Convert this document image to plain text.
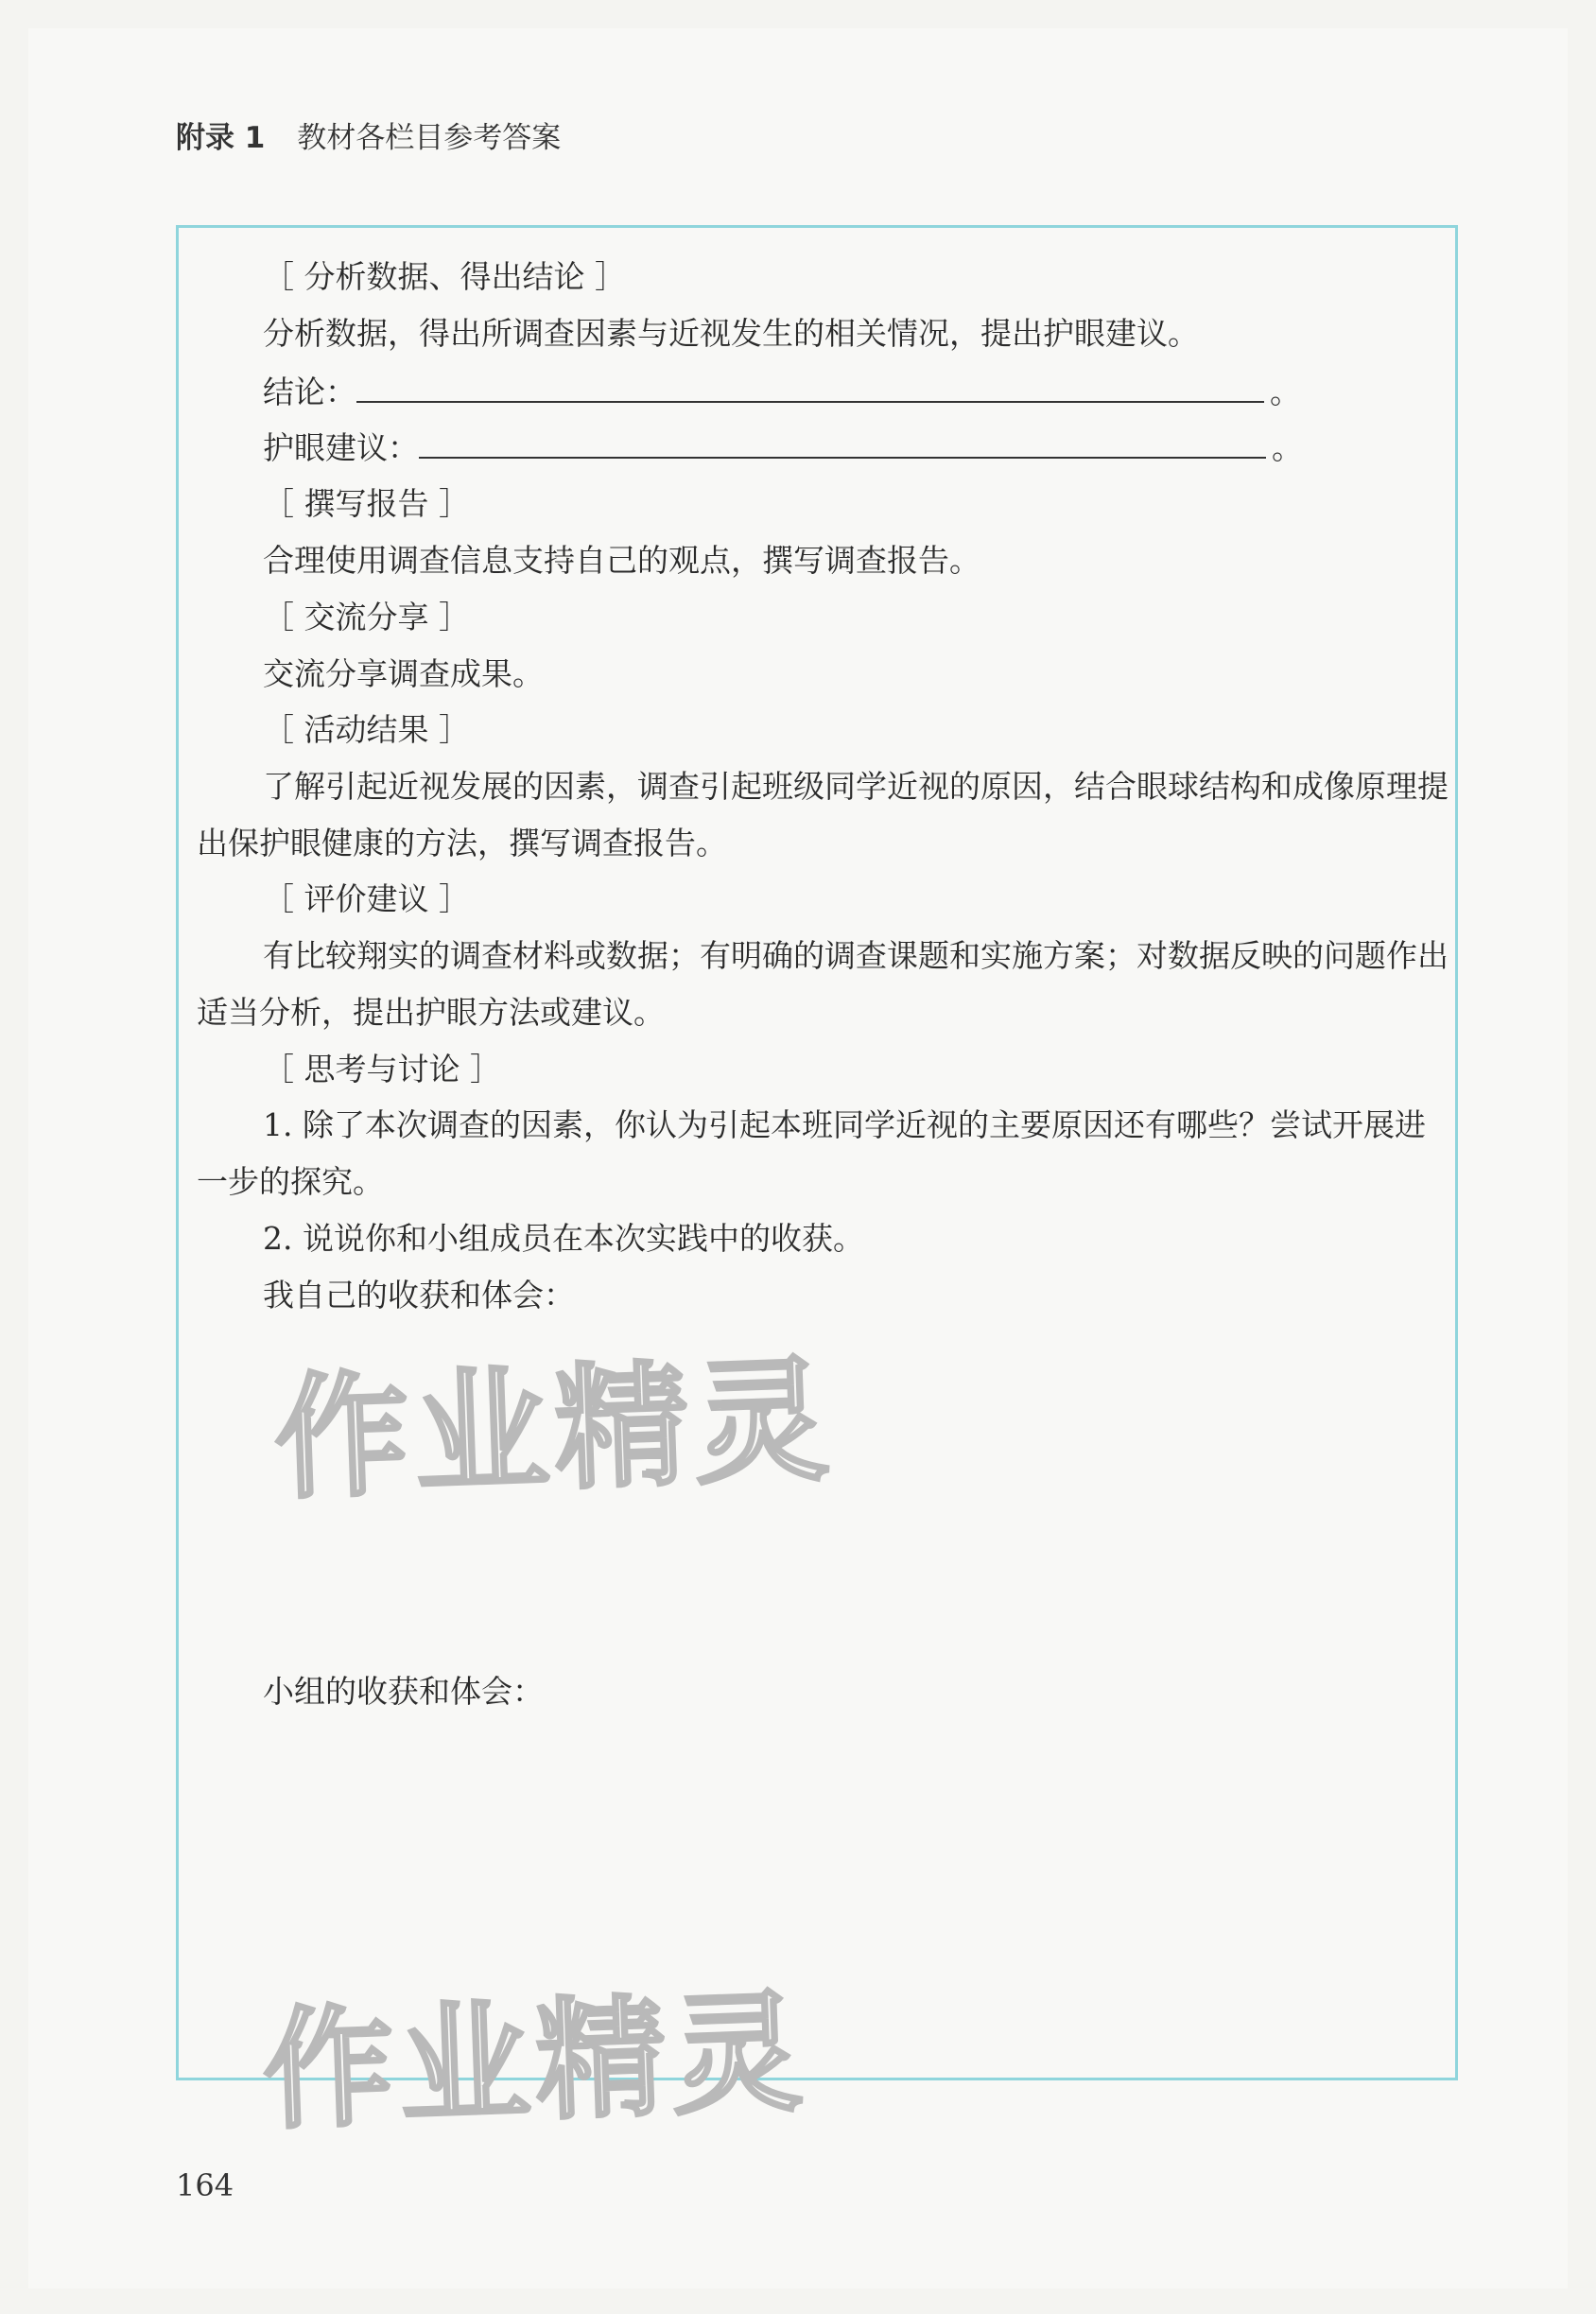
附录 1 教材各栏目参考答案
［ 分析数据、得出结论 ］
分析数据，得出所调查因素与近视发生的相关情况，提出护眼建议。
结论：	。
护眼建议：	。
［ 撰写报告 ］
合理使用调查信息支持自己的观点，撰写调查报告。
［ 交流分享 ］
交流分享调查成果。
［ 活动结果 ］
了解引起近视发展的因素，调查引起班级同学近视的原因，结合眼球结构和成像原理提
出保护眼健康的方法，撰写调查报告。
［ 评价建议 ］
有比较翔实的调查材料或数据；有明确的调查课题和实施方案；对数据反映的问题作出
适当分析，提出护眼方法或建议。
［ 思考与讨论 ］
1. 除了本次调查的因素，你认为引起本班同学近视的主要原因还有哪些？尝试开展进
一步的探究。
2. 说说你和小组成员在本次实践中的收获。
我自己的收获和体会：
作业精灵
小组的收获和体会：
作业精灵
164
